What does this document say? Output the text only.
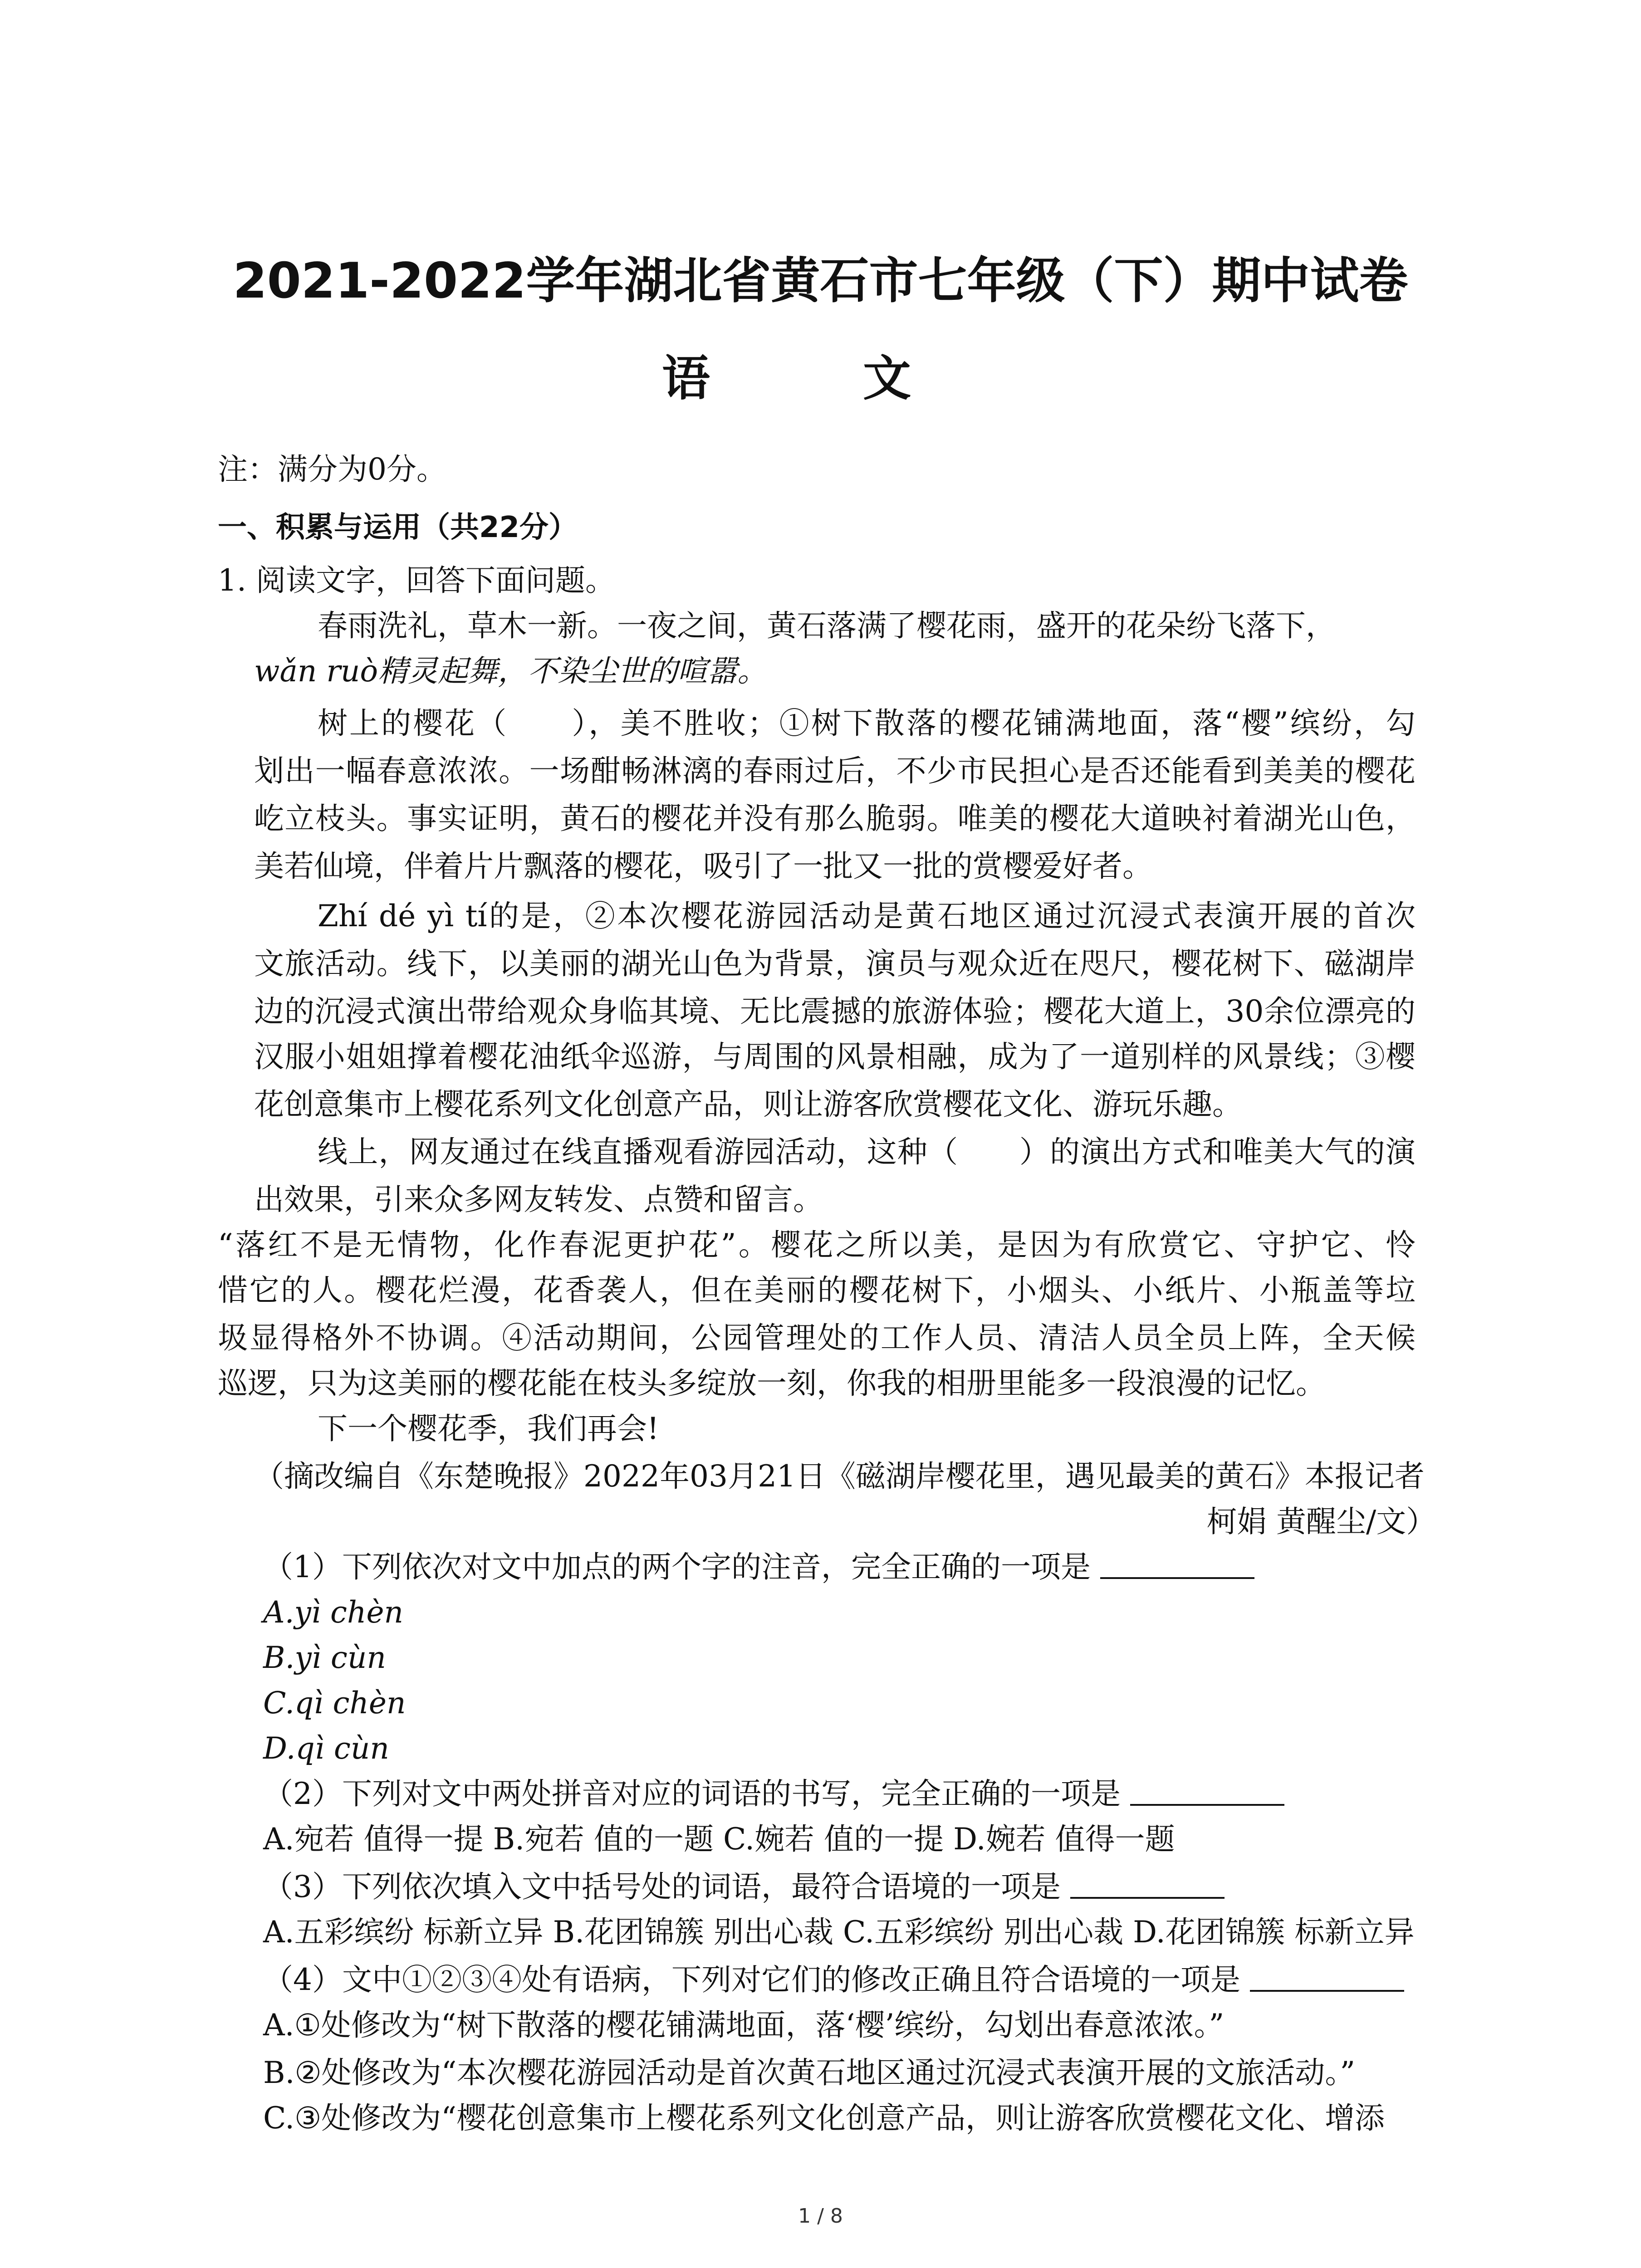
2021-2022学年湖北省黄石市七年级（下）期中试卷
语 文
注：满分为0分。
一、积累与运用（共22分）
1. 阅读文字，回答下面问题。
春雨洗礼，草木一新。一夜之间，黄石落满了樱花雨，盛开的花朵纷飞落下，
wǎn ruò精灵起舞，不染尘世的喧嚣。
树上的樱花（　　），美不胜收；①树下散落的樱花铺满地面，落“樱”缤纷，勾
划出一幅春意浓浓。一场酣畅淋漓的春雨过后，不少市民担心是否还能看到美美的樱花
屹立枝头。事实证明，黄石的樱花并没有那么脆弱。唯美的樱花大道映衬着湖光山色，
美若仙境，伴着片片飘落的樱花，吸引了一批又一批的赏樱爱好者。
Zhí dé yì tí的是，②本次樱花游园活动是黄石地区通过沉浸式表演开展的首次
文旅活动。线下，以美丽的湖光山色为背景，演员与观众近在咫尺，樱花树下、磁湖岸
边的沉浸式演出带给观众身临其境、无比震撼的旅游体验；樱花大道上，30余位漂亮的
汉服小姐姐撑着樱花油纸伞巡游，与周围的风景相融，成为了一道别样的风景线；③樱
花创意集市上樱花系列文化创意产品，则让游客欣赏樱花文化、游玩乐趣。
线上，网友通过在线直播观看游园活动，这种（　　）的演出方式和唯美大气的演
出效果，引来众多网友转发、点赞和留言。
“落红不是无情物，化作春泥更护花”。樱花之所以美，是因为有欣赏它、守护它、怜
惜它的人。樱花烂漫，花香袭人，但在美丽的樱花树下，小烟头、小纸片、小瓶盖等垃
圾显得格外不协调。④活动期间，公园管理处的工作人员、清洁人员全员上阵，全天候
巡逻，只为这美丽的樱花能在枝头多绽放一刻，你我的相册里能多一段浪漫的记忆。
下一个樱花季，我们再会!
（摘改编自《东楚晚报》2022年03月21日《磁湖岸樱花里，遇见最美的黄石》本报记者
柯娟 黄醒尘/文）
（1）下列依次对文中加点的两个字的注音，完全正确的一项是
A.yì chèn
B.yì cùn
C.qì chèn
D.qì cùn
（2）下列对文中两处拼音对应的词语的书写，完全正确的一项是
A.宛若 值得一提 B.宛若 值的一题 C.婉若 值的一提 D.婉若 值得一题
（3）下列依次填入文中括号处的词语，最符合语境的一项是
A.五彩缤纷 标新立异 B.花团锦簇 别出心裁 C.五彩缤纷 别出心裁 D.花团锦簇 标新立异
（4）文中①②③④处有语病，下列对它们的修改正确且符合语境的一项是
A.①处修改为“树下散落的樱花铺满地面，落‘樱’缤纷，勾划出春意浓浓。”
B.②处修改为“本次樱花游园活动是首次黄石地区通过沉浸式表演开展的文旅活动。”
C.③处修改为“樱花创意集市上樱花系列文化创意产品，则让游客欣赏樱花文化、增添
1 / 8
